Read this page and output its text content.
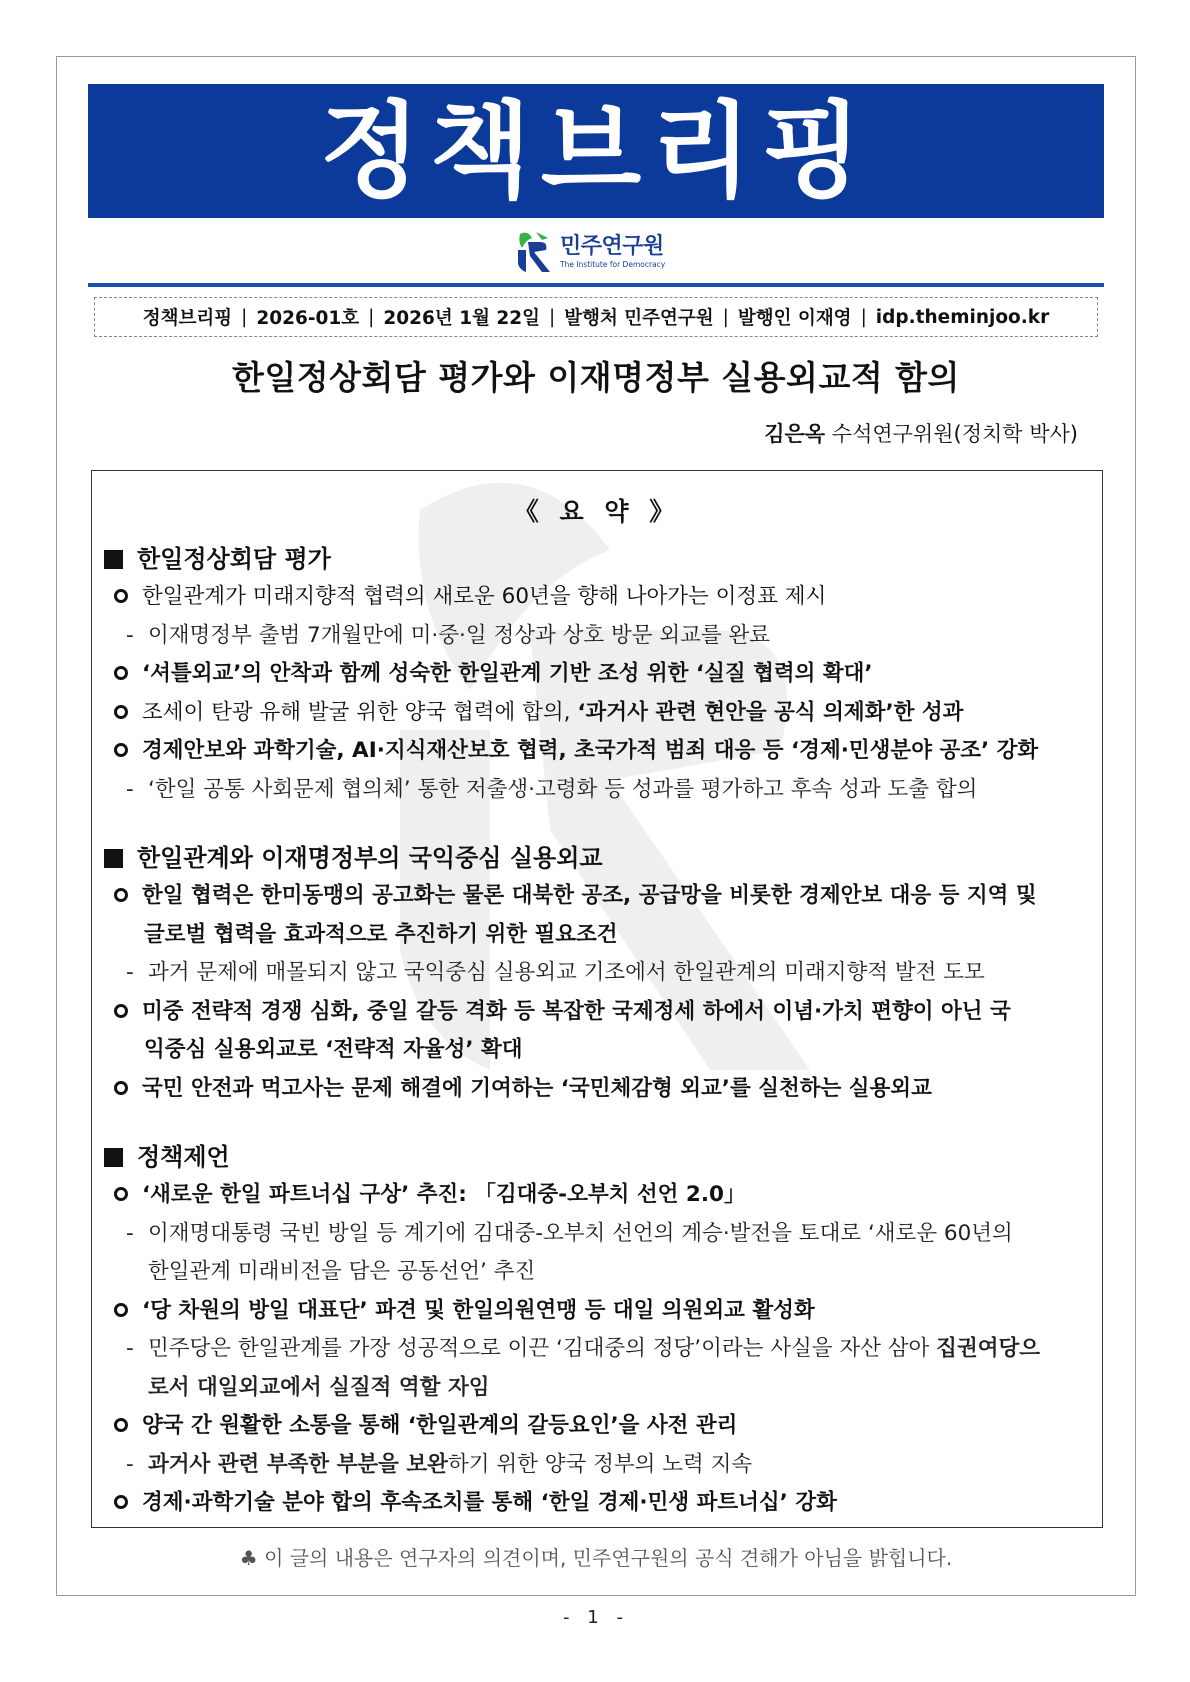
정책브리핑
민주연구원
The Institute for Democracy
정책브리핑 | 2026-01호 | 2026년 1월 22일 | 발행처 민주연구원 | 발행인 이재영 | idp.theminjoo.kr
한일정상회담 평가와 이재명정부 실용외교적 함의
김은옥 수석연구위원(정치학 박사)
《 요 약 》
한일정상회담 평가
한일관계가 미래지향적 협력의 새로운 60년을 향해 나아가는 이정표 제시
- 이재명정부 출범 7개월만에 미·중·일 정상과 상호 방문 외교를 완료
‘셔틀외교’의 안착과 함께 성숙한 한일관계 기반 조성 위한 ‘실질 협력의 확대’
조세이 탄광 유해 발굴 위한 양국 협력에 합의, ‘과거사 관련 현안을 공식 의제화’한 성과
경제안보와 과학기술, AI·지식재산보호 협력, 초국가적 범죄 대응 등 ‘경제·민생분야 공조’ 강화
- ‘한일 공통 사회문제 협의체’ 통한 저출생·고령화 등 성과를 평가하고 후속 성과 도출 합의
한일관계와 이재명정부의 국익중심 실용외교
한일 협력은 한미동맹의 공고화는 물론 대북한 공조, 공급망을 비롯한 경제안보 대응 등 지역 및
글로벌 협력을 효과적으로 추진하기 위한 필요조건
- 과거 문제에 매몰되지 않고 국익중심 실용외교 기조에서 한일관계의 미래지향적 발전 도모
미중 전략적 경쟁 심화, 중일 갈등 격화 등 복잡한 국제정세 하에서 이념·가치 편향이 아닌 국
익중심 실용외교로 ‘전략적 자율성’ 확대
국민 안전과 먹고사는 문제 해결에 기여하는 ‘국민체감형 외교’를 실천하는 실용외교
정책제언
‘새로운 한일 파트너십 구상’ 추진: 「김대중-오부치 선언 2.0」
- 이재명대통령 국빈 방일 등 계기에 김대중-오부치 선언의 계승·발전을 토대로 ‘새로운 60년의
한일관계 미래비전을 담은 공동선언’ 추진
‘당 차원의 방일 대표단’ 파견 및 한일의원연맹 등 대일 의원외교 활성화
- 민주당은 한일관계를 가장 성공적으로 이끈 ‘김대중의 정당’이라는 사실을 자산 삼아 집권여당으
로서 대일외교에서 실질적 역할 자임
양국 간 원활한 소통을 통해 ‘한일관계의 갈등요인’을 사전 관리
- 과거사 관련 부족한 부분을 보완하기 위한 양국 정부의 노력 지속
경제·과학기술 분야 합의 후속조치를 통해 ‘한일 경제·민생 파트너십’ 강화
♣ 이 글의 내용은 연구자의 의견이며, 민주연구원의 공식 견해가 아님을 밝힙니다.
- 1 -
